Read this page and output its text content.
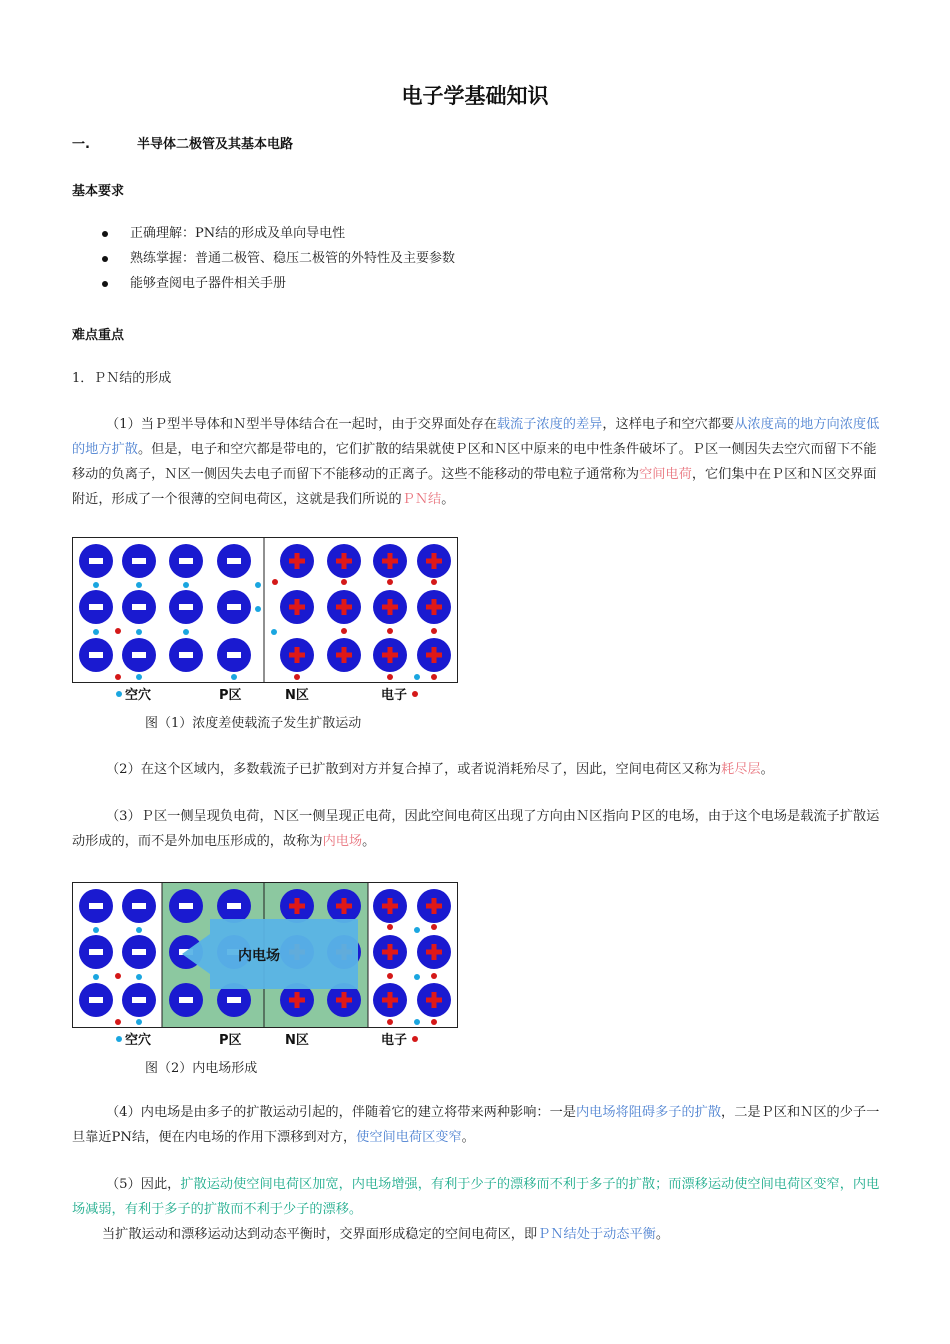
电子学基础知识
一.	半导体二极管及其基本电路
基本要求
正确理解：PN结的形成及单向导电性
熟练掌握：普通二极管、稳压二极管的外特性及主要参数
能够查阅电子器件相关手册
难点重点
1．ＰＮ结的形成
（1）当Ｐ型半导体和Ｎ型半导体结合在一起时，由于交界面处存在载流子浓度的差异，这样电子和空穴都要从浓度高的地方向浓度低的地方扩散。但是，电子和空穴都是带电的，它们扩散的结果就使Ｐ区和Ｎ区中原来的电中性条件破坏了。Ｐ区一侧因失去空穴而留下不能移动的负离子，Ｎ区一侧因失去电子而留下不能移动的正离子。这些不能移动的带电粒子通常称为空间电荷，它们集中在Ｐ区和Ｎ区交界面附近，形成了一个很薄的空间电荷区，这就是我们所说的ＰＮ结。
空穴	P区	N区	电子
图（1）浓度差使载流子发生扩散运动
（2）在这个区域内，多数载流子已扩散到对方并复合掉了，或者说消耗殆尽了，因此，空间电荷区又称为耗尽层。
（3）Ｐ区一侧呈现负电荷，Ｎ区一侧呈现正电荷，因此空间电荷区出现了方向由Ｎ区指向Ｐ区的电场，由于这个电场是载流子扩散运动形成的，而不是外加电压形成的，故称为内电场。
内电场
空穴	P区	N区	电子
图（2）内电场形成
（4）内电场是由多子的扩散运动引起的，伴随着它的建立将带来两种影响：一是内电场将阻碍多子的扩散，二是Ｐ区和Ｎ区的少子一旦靠近PN结，便在内电场的作用下漂移到对方，使空间电荷区变窄。
（5）因此，扩散运动使空间电荷区加宽，内电场增强，有利于少子的漂移而不利于多子的扩散；而漂移运动使空间电荷区变窄，内电场减弱，有利于多子的扩散而不利于少子的漂移。
当扩散运动和漂移运动达到动态平衡时，交界面形成稳定的空间电荷区，即ＰＮ结处于动态平衡。
